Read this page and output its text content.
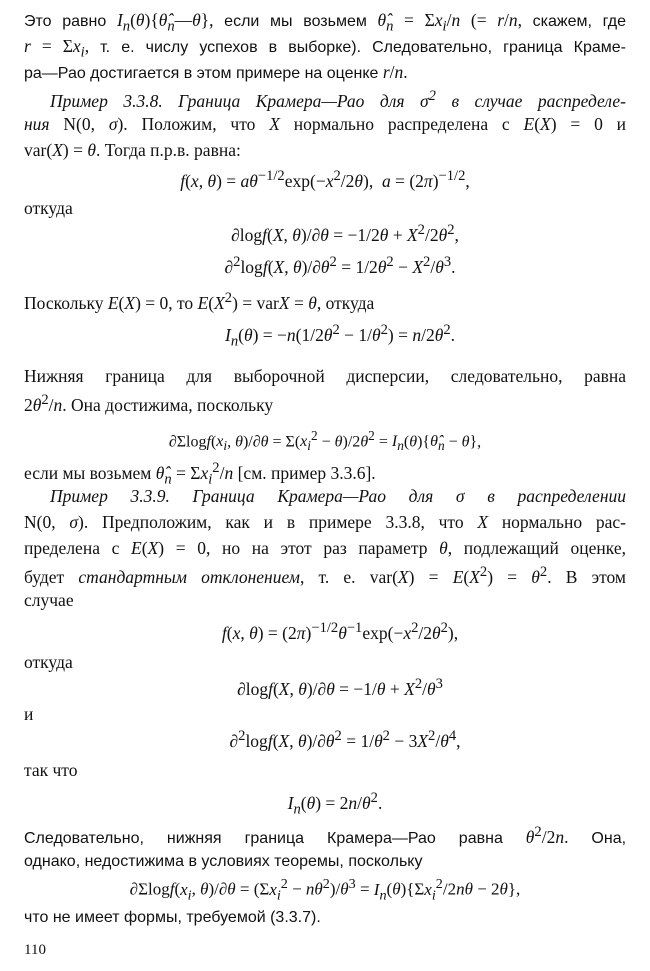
Это равно $I_n(\theta)\{\thetâ_n—\theta\}$, если мы возьмем $\thetâ_n = \Sigma x_i/n$ (= r/n, скажем, где
$r = \Sigma x_i$, т. е. числу успехов в выборке). Следовательно, граница Краме-
ра—Рао достигается в этом примере на оценке r/n.
Пример 3.3.8. Граница Крамера—Рао для $\sigma^2$ в случае распределе-
ния N(0, σ). Положим, что X нормально распределена с E(X) = 0 и
var(X) = θ. Тогда п.р.в. равна:
f(x, $\theta) = a\theta^{-1/2}\exp(-x^2/2\theta)$,  $a = (2\pi)^{-1/2}$,
откуда
∂logf(X, $\theta)/\partial\theta = -1/2\theta + X^2/2\theta^2$,
∂$^2$logf(X, $\theta)/\partial\theta^2 = 1/2\theta^2 - X^2/\theta^3$.
Поскольку E(X) = 0, то $E(X^2)$ = varX = θ, откуда
$I_n(\theta) = -n(1/2\theta^2 - 1/\theta^2) = n/2\theta^2$.
Нижняя граница для выборочной дисперсии, следовательно, равна
$2\theta^2/n$. Она достижима, поскольку
$\partial\Sigma\log f(x_i$, $\theta)/\partial\theta = \Sigma(x_i^2 - \theta)/2\theta^2$ = $I_n(\theta)\{\thetâ_n - \theta\}$,
если мы возьмем $\thetâ_n = \Sigma x_i^2/n$ [см. пример 3.3.6].
Пример 3.3.9. Граница Крамера—Рао для σ в распределении
N(0, σ). Предположим, как и в примере 3.3.8, что X нормально рас-
пределена с E(X) = 0, но на этот раз параметр θ, подлежащий оценке,
будет стандартным отклонением, т. е. $var(X) = E(X^2) = \theta^2$. В этом
случае
f(x, $\theta) = (2\pi)^{-1/2}\theta^{-1}\exp(-x^2/2\theta^2)$,
откуда
∂logf(X, $\theta)/\partial\theta = -1/\theta + X^2/\theta^3$
и
∂$^2$logf(X, $\theta)/\partial\theta^2 = 1/\theta^2 - 3X^2/\theta^4$,
так что
$I_n(\theta) = 2n/\theta^2$.
Следовательно, нижняя граница Крамера—Рао равна $\theta^2/2n$. Она,
однако, недостижима в условиях теоремы, поскольку
$\partial\Sigma\log f(x_i$, $\theta)/\partial\theta = (\Sigma x_i^2 - n\theta^2)/\theta^3 = I_n(\theta)\{\Sigma x_i^2/2n\theta - 2\theta\}$,
что не имеет формы, требуемой (3.3.7).
110
